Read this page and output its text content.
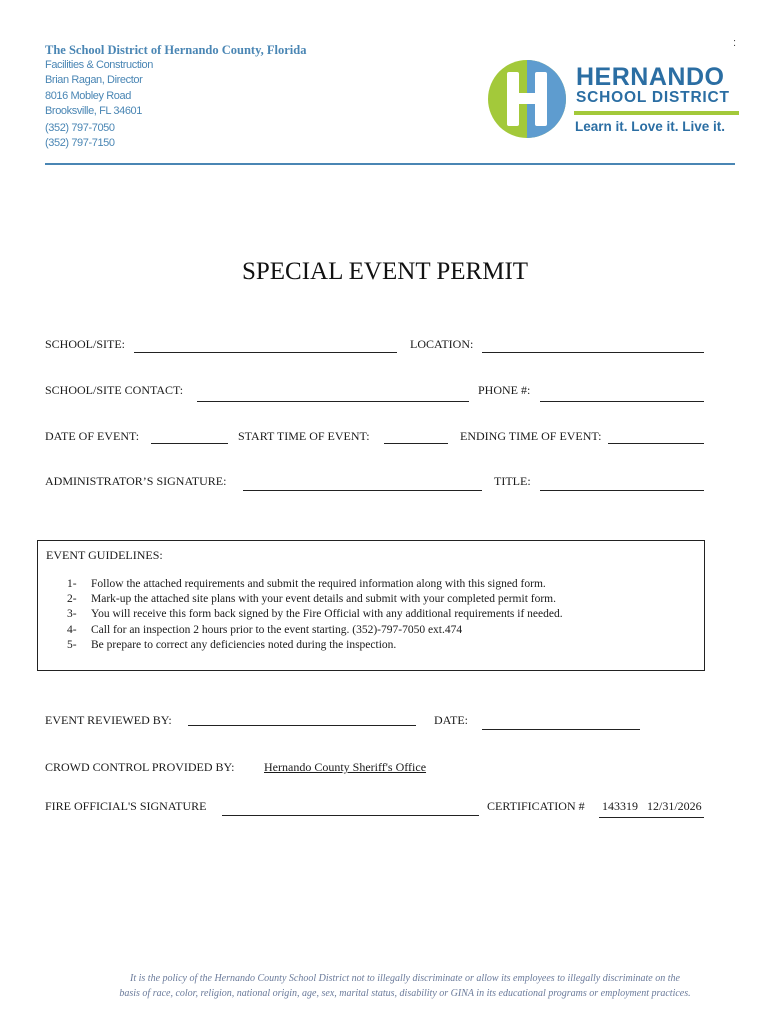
The School District of Hernando County, Florida
Facilities & Construction
Brian Ragan, Director
8016 Mobley Road
Brooksville, FL 34601
(352) 797-7050
(352) 797-7150
:
HERNANDO
SCHOOL DISTRICT
Learn it. Love it. Live it.
SPECIAL EVENT PERMIT
SCHOOL/SITE:	LOCATION:
SCHOOL/SITE CONTACT:	PHONE #:
DATE OF EVENT:	START TIME OF EVENT:	ENDING TIME OF EVENT:
ADMINISTRATOR’S SIGNATURE:	TITLE:
EVENT GUIDELINES:
1- Follow the attached requirements and submit the required information along with this signed form.
2- Mark-up the attached site plans with your event details and submit with your completed permit form.
3- You will receive this form back signed by the Fire Official with any additional requirements if needed.
4- Call for an inspection 2 hours prior to the event starting. (352)-797-7050 ext.474
5- Be prepare to correct any deficiencies noted during the inspection.
EVENT REVIEWED BY:	DATE:
CROWD CONTROL PROVIDED BY: Hernando County Sheriff's Office
FIRE OFFICIAL'S SIGNATURE	CERTIFICATION # 143319 12/31/2026
It is the policy of the Hernando County School District not to illegally discriminate or allow its employees to illegally discriminate on the
basis of race, color, religion, national origin, age, sex, marital status, disability or GINA in its educational programs or employment practices.
